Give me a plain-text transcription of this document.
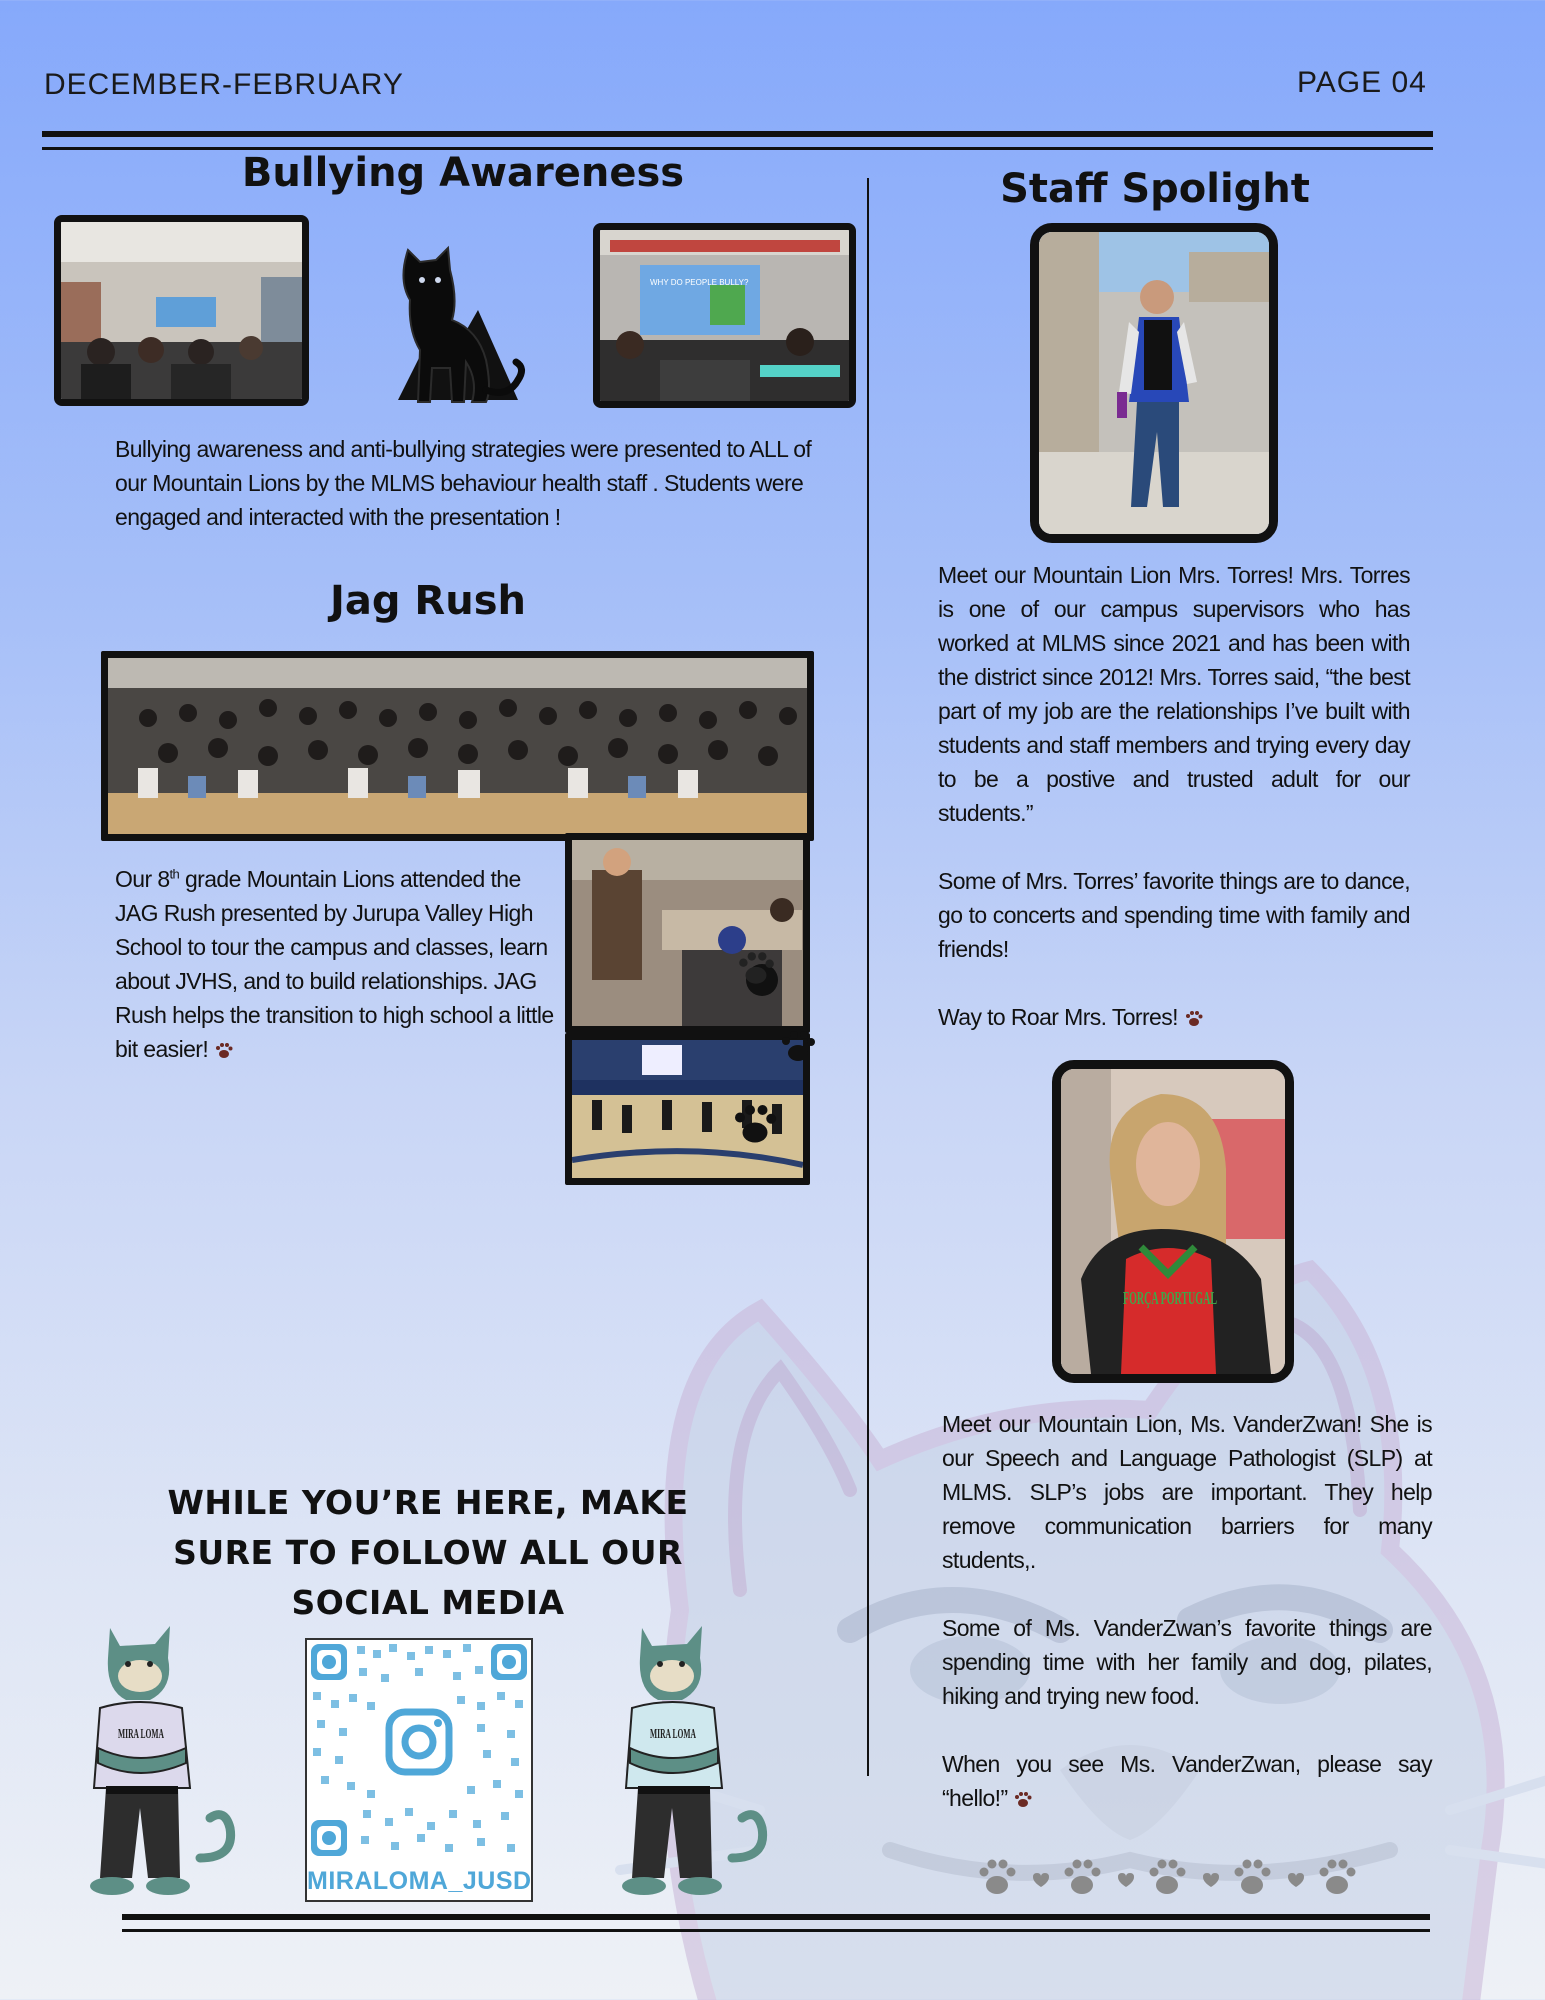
DECEMBER-FEBRUARY	PAGE 04
Bullying Awareness
WHY DO PEOPLE BULLY?
Bullying awareness and anti-bullying strategies were presented to ALL of our Mountain Lions by the MLMS behaviour health staff . Students were engaged and interacted with the presentation !
Jag Rush
Our 8th grade Mountain Lions attended the JAG Rush presented by Jurupa Valley High School to tour the campus and classes, learn about JVHS, and to build relationships. JAG Rush helps the transition to high school a little bit easier!
Staff Spolight

Meet our Mountain Lion Mrs. Torres! Mrs. Torres is one of our campus supervisors who has worked at MLMS since 2021 and has been with the district since 2012! Mrs. Torres said, “the best part of my job are the relationships I’ve built with students and staff members and trying every day to be a postive and trusted adult for our students.”

Some of Mrs. Torres’ favorite things are to dance, go to concerts and spending time with family and friends!

Way to Roar Mrs. Torres!

FORÇA PORTUGAL

Meet our Mountain Lion, Ms. VanderZwan! She is our Speech and Language Pathologist (SLP) at MLMS. SLP’s jobs are important. They help remove communication barriers for many students,.

Some of Ms. VanderZwan’s favorite things are spending time with her family and dog, pilates, hiking and trying new food.

When you see Ms. VanderZwan, please say “hello!”

WHILE YOU’RE HERE, MAKE SURE TO FOLLOW ALL OUR SOCIAL MEDIA
MIRA LOMA	MIRA LOMA
MIRALOMA_JUSD
